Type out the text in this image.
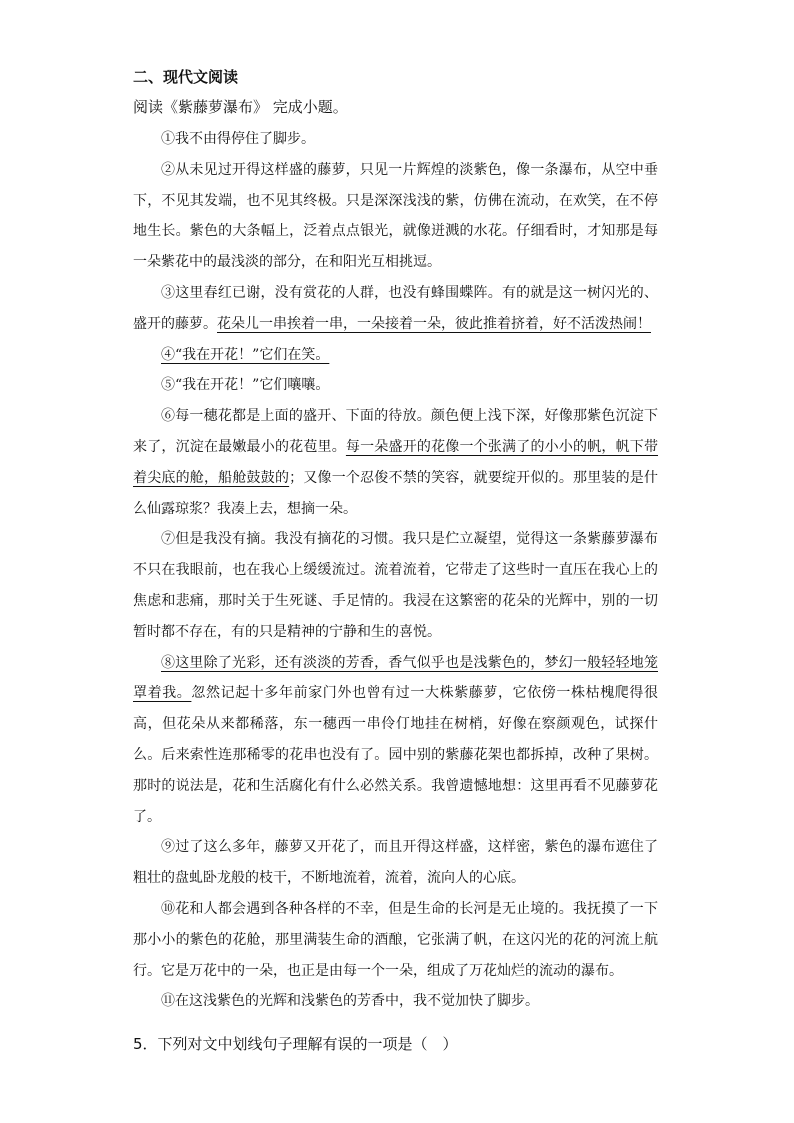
二、现代文阅读
阅读《紫藤萝瀑布》 完成小题。

①我不由得停住了脚步。

②从未见过开得这样盛的藤萝，只见一片辉煌的淡紫色，像一条瀑布，从空中垂下，不见其发端，也不见其终极。只是深深浅浅的紫，仿佛在流动，在欢笑，在不停地生长。紫色的大条幅上，泛着点点银光，就像迸溅的水花。仔细看时，才知那是每一朵紫花中的最浅淡的部分，在和阳光互相挑逗。

③这里春红已谢，没有赏花的人群，也没有蜂围蝶阵。有的就是这一树闪光的、盛开的藤萝。花朵儿一串挨着一串，一朵接着一朵，彼此推着挤着，好不活泼热闹！

④“我在开花！”它们在笑。

⑤“我在开花！”它们嚷嚷。

⑥每一穗花都是上面的盛开、下面的待放。颜色便上浅下深，好像那紫色沉淀下来了，沉淀在最嫩最小的花苞里。每一朵盛开的花像一个张满了的小小的帆，帆下带着尖底的舱，船舱鼓鼓的；又像一个忍俊不禁的笑容，就要绽开似的。那里装的是什么仙露琼浆？我凑上去，想摘一朵。

⑦但是我没有摘。我没有摘花的习惯。我只是伫立凝望，觉得这一条紫藤萝瀑布不只在我眼前，也在我心上缓缓流过。流着流着，它带走了这些时一直压在我心上的焦虑和悲痛，那时关于生死谜、手足情的。我浸在这繁密的花朵的光辉中，别的一切暂时都不存在，有的只是精神的宁静和生的喜悦。

⑧这里除了光彩，还有淡淡的芳香，香气似乎也是浅紫色的，梦幻一般轻轻地笼罩着我。忽然记起十多年前家门外也曾有过一大株紫藤萝，它依傍一株枯槐爬得很高，但花朵从来都稀落，东一穗西一串伶仃地挂在树梢，好像在察颜观色，试探什么。后来索性连那稀零的花串也没有了。园中别的紫藤花架也都拆掉，改种了果树。那时的说法是，花和生活腐化有什么必然关系。我曾遗憾地想：这里再看不见藤萝花了。

⑨过了这么多年，藤萝又开花了，而且开得这样盛，这样密，紫色的瀑布遮住了粗壮的盘虬卧龙般的枝干，不断地流着，流着，流向人的心底。

⑩花和人都会遇到各种各样的不幸，但是生命的长河是无止境的。我抚摸了一下那小小的紫色的花舱，那里满装生命的酒酿，它张满了帆，在这闪光的花的河流上航行。它是万花中的一朵，也正是由每一个一朵，组成了万花灿烂的流动的瀑布。

⑪在这浅紫色的光辉和浅紫色的芳香中，我不觉加快了脚步。

5．下列对文中划线句子理解有误的一项是（　）
